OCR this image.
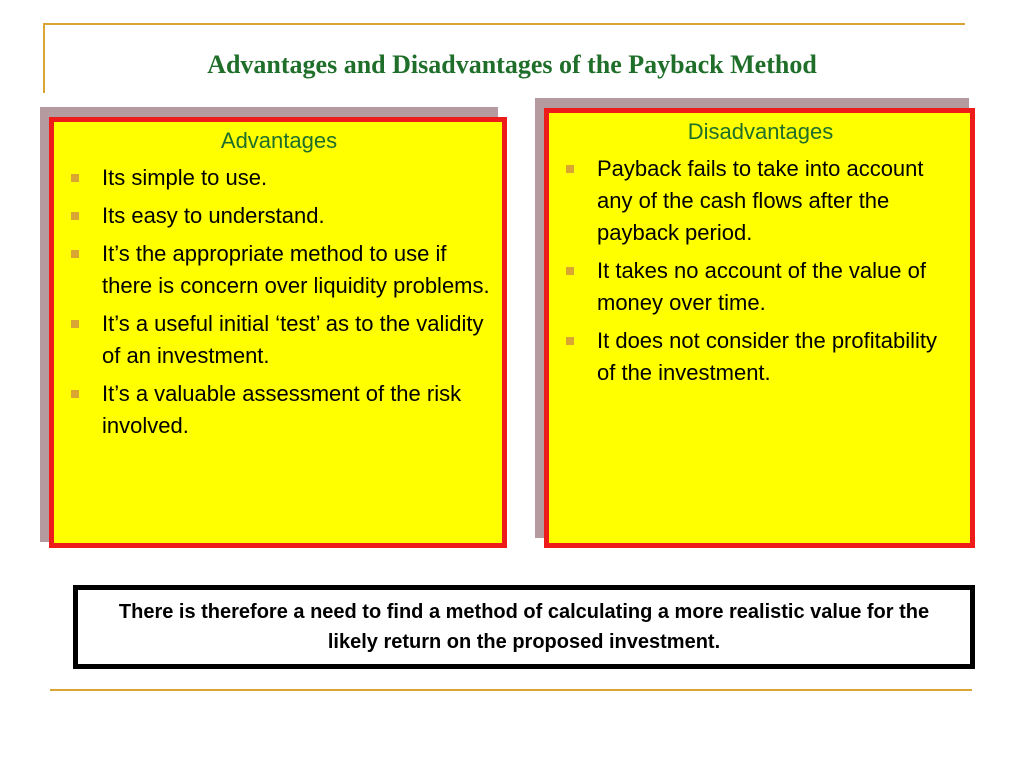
Advantages and Disadvantages of the Payback Method
Advantages
Its simple to use.
Its easy to understand.
It’s the appropriate method to use if there is concern over liquidity problems.
It’s a useful initial ‘test’ as to the validity of an investment.
It’s a valuable assessment of the risk involved.
Disadvantages
Payback fails to take into account any of the cash flows after the payback period.
It takes no account of the value of money over time.
It does not consider the profitability of the investment.
There is therefore a need to find a method of calculating a more realistic value for the likely return on the proposed investment.
